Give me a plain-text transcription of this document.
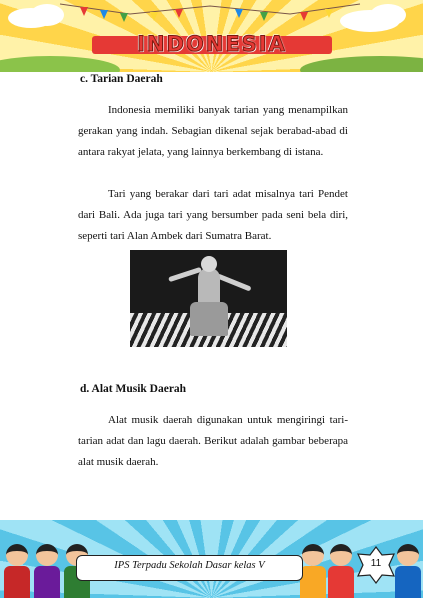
INDONESIA
c. Tarian Daerah

Indonesia memiliki banyak tarian yang menampilkan gerakan yang indah. Sebagian dikenal sejak berabad-abad di antara rakyat jelata, yang lainnya berkembang di istana.

Tari yang berakar dari tari adat misalnya tari Pendet dari Bali. Ada juga tari yang bersumber pada seni bela diri, seperti tari Alan Ambek dari Sumatra Barat.

d. Alat Musik Daerah

Alat musik daerah digunakan untuk mengiringi tari-tarian adat dan lagu daerah. Berikut adalah gambar beberapa alat musik daerah.

IPS Terpadu Sekolah Dasar kelas V	11
